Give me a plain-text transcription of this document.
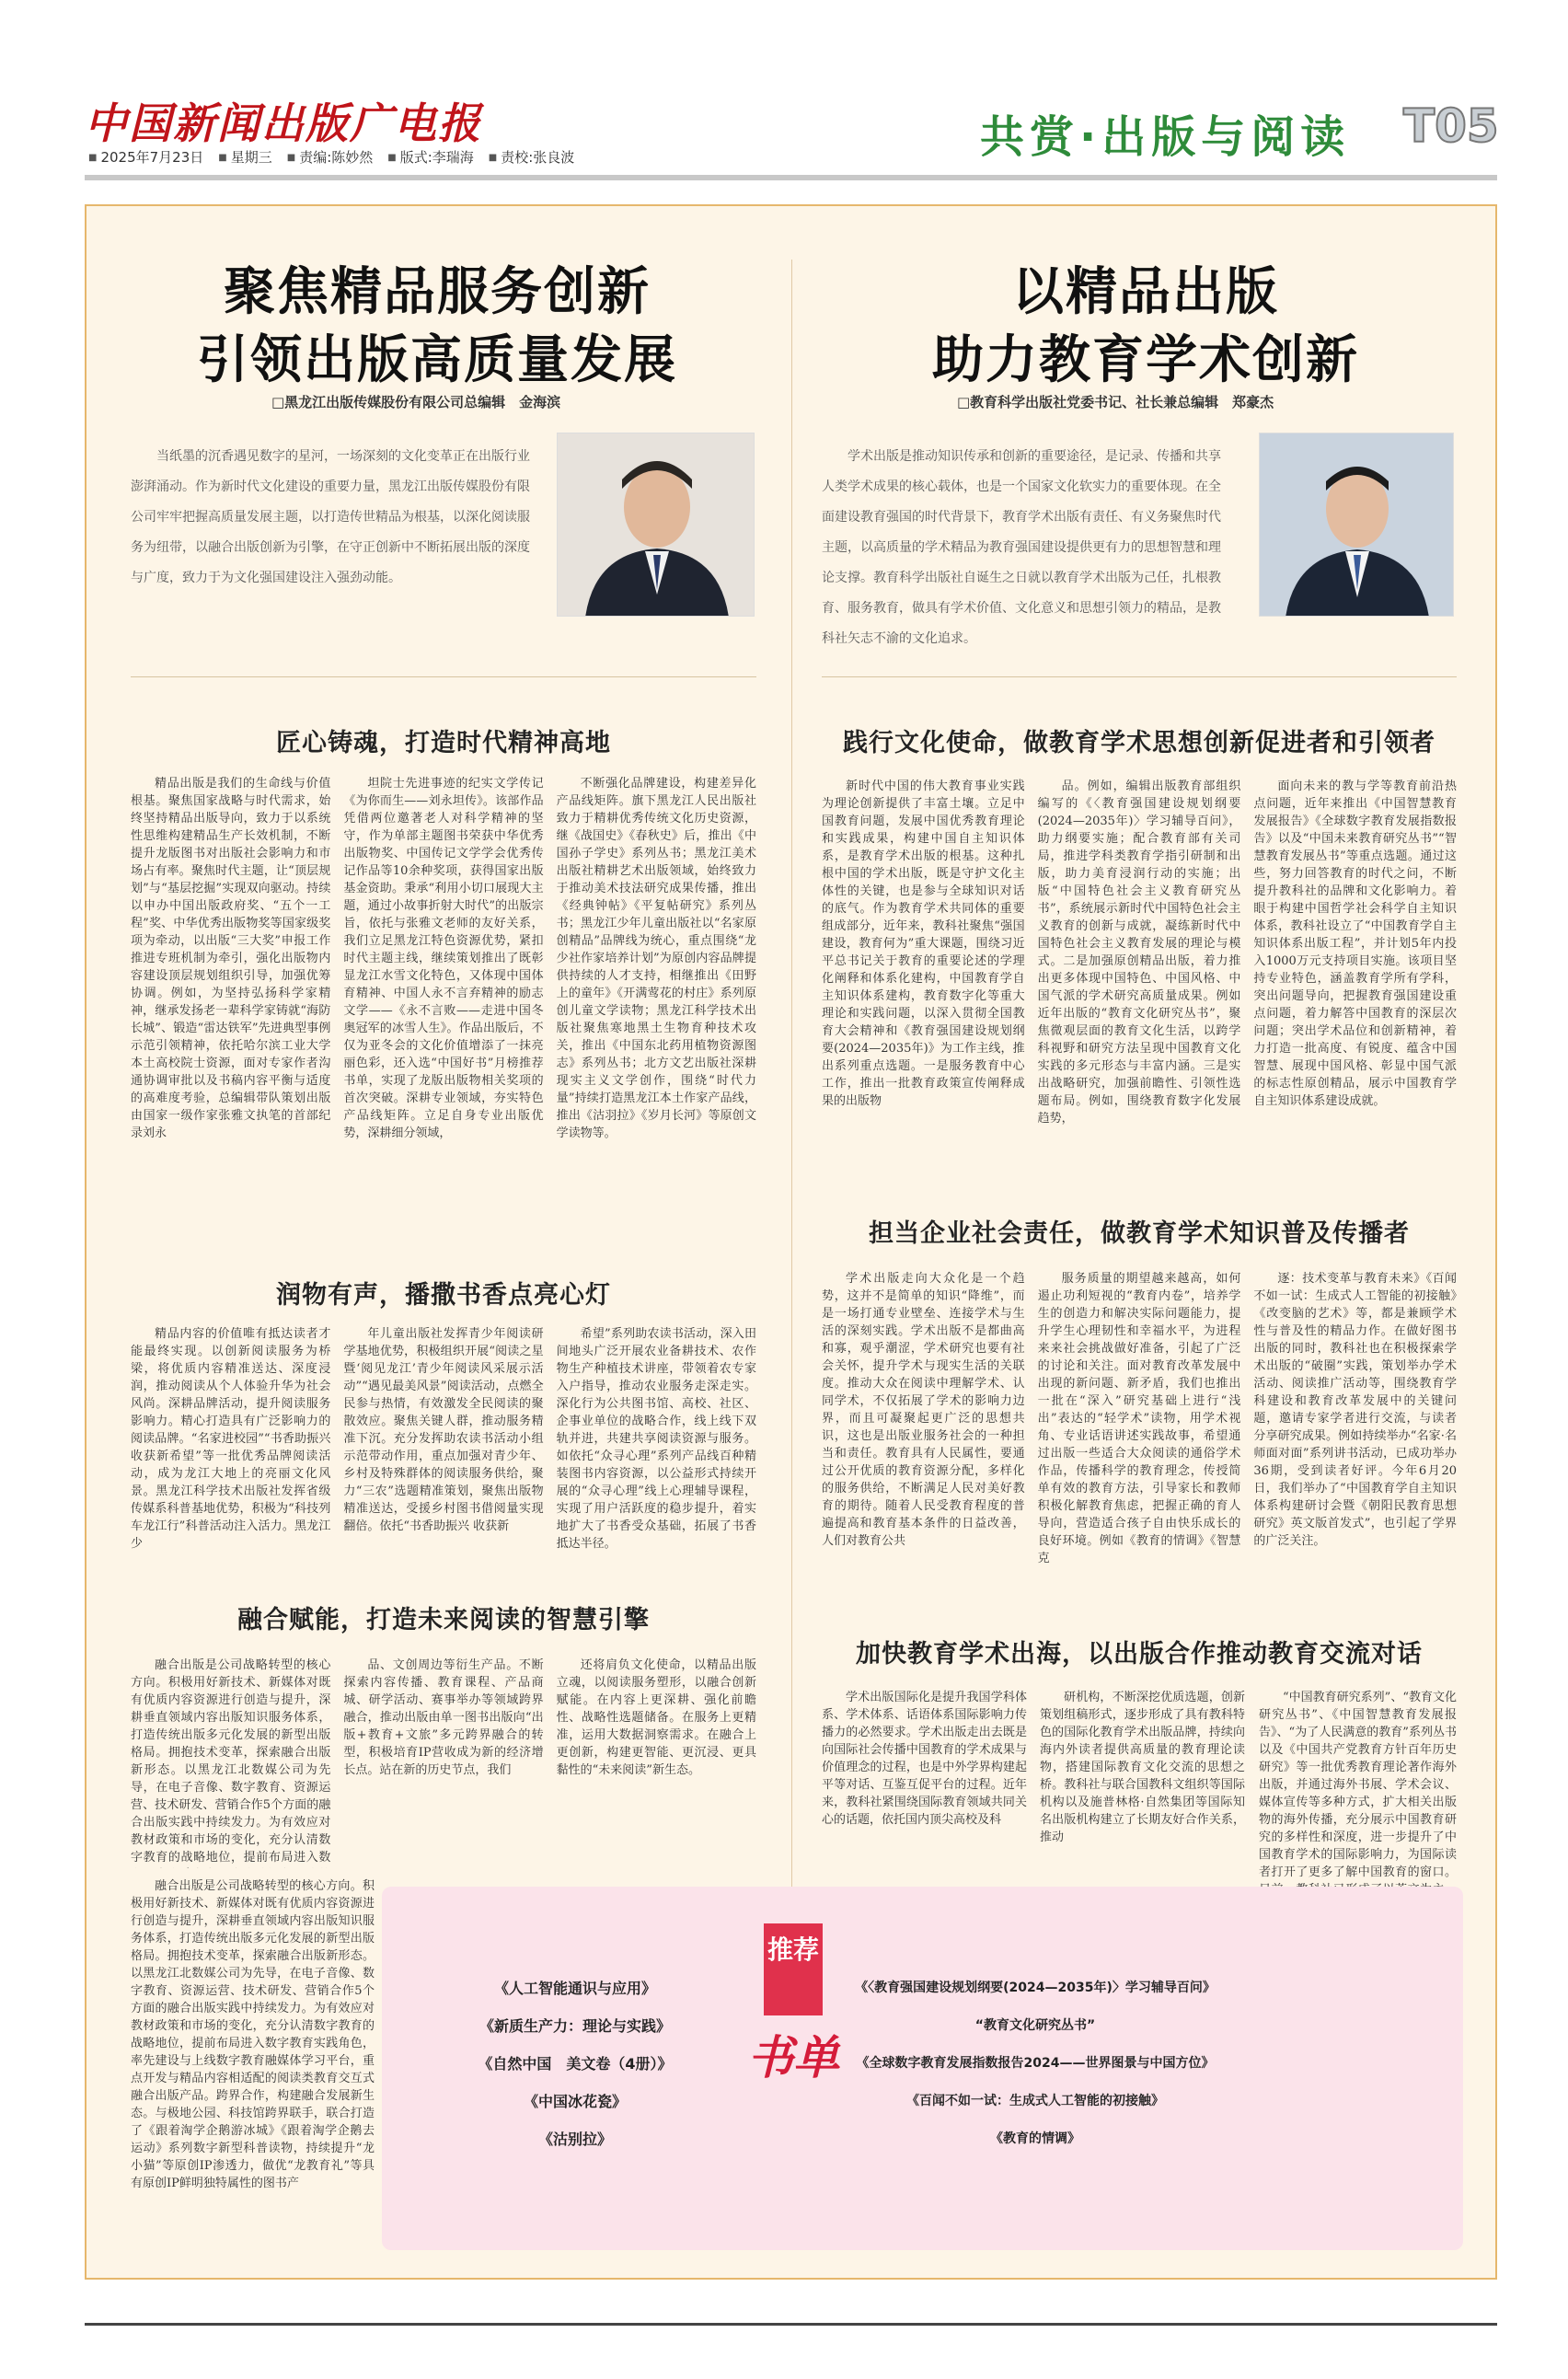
中国新闻出版广电报
■ 2025年7月23日	■ 星期三	■ 责编:陈妙然	■ 版式:李瑞海	■ 责校:张良波	共赏·出版与阅读 T05
聚焦精品服务创新
引领出版高质量发展
□黑龙江出版传媒股份有限公司总编辑　金海滨
当纸墨的沉香遇见数字的星河，一场深刻的文化变革正在出版行业澎湃涌动。作为新时代文化建设的重要力量，黑龙江出版传媒股份有限公司牢牢把握高质量发展主题，以打造传世精品为根基，以深化阅读服务为纽带，以融合出版创新为引擎，在守正创新中不断拓展出版的深度与广度，致力于为文化强国建设注入强劲动能。
匠心铸魂，打造时代精神高地
精品出版是我们的生命线与价值根基。聚焦国家战略与时代需求，始终坚持精品出版导向，致力于以系统性思维构建精品生产长效机制，不断提升龙版图书对出版社会影响力和市场占有率。聚焦时代主题，让“顶层规划”与“基层挖掘”实现双向驱动。持续以申办中国出版政府奖、“五个一工程”奖、中华优秀出版物奖等国家级奖项为牵动，以出版“三大奖”申报工作推进专班机制为牵引，强化出版物内容建设顶层规划组织引导，加强优筹协调。例如，为坚持弘扬科学家精神，继承发扬老一辈科学家铸就“海防长城”、锻造“雷达铁军”先进典型事例示范引领精神，依托哈尔滨工业大学本土高校院士资源，面对专家作者沟通协调审批以及书稿内容平衡与适度的高难度考验，总编辑带队策划出版由国家一级作家张雅文执笔的首部纪录刘永
坦院士先进事迹的纪实文学传记《为你而生——刘永坦传》。该部作品凭借两位邀著老人对科学精神的坚守，作为单部主题图书荣获中华优秀出版物奖、中国传记文学学会优秀传记作品等10余种奖项，获得国家出版基金资助。秉承“利用小切口展现大主题，通过小故事折射大时代”的出版宗旨，依托与张雅文老师的友好关系，我们立足黑龙江特色资源优势，紧扣时代主题主线，继续策划推出了既彰显龙江水雪文化特色，又体现中国体育精神、中国人永不言弃精神的励志文学——《永不言败——走进中国冬奥冠军的冰雪人生》。作品出版后，不仅为亚冬会的文化价值增添了一抹亮丽色彩，还入选“中国好书”月榜推荐书单，实现了龙版出版物相关奖项的首次突破。深耕专业领域，夯实特色产品线矩阵。立足自身专业出版优势，深耕细分领域，
不断强化品牌建设，构建差异化产品线矩阵。旗下黑龙江人民出版社致力于精耕优秀传统文化历史资源，继《战国史》《春秋史》后，推出《中国孙子学史》系列丛书；黑龙江美术出版社精耕艺术出版领域，始终致力于推动美术技法研究成果传播，推出《经典钟帖》《平复帖研究》系列丛书；黑龙江少年儿童出版社以“名家原创精品”品牌线为统心，重点围绕“龙少社作家培养计划”为原创内容品牌提供持续的人才支持，相继推出《田野上的童年》《开满莺花的村庄》系列原创儿童文学读物；黑龙江科学技术出版社聚焦寒地黑土生物育种技术攻关，推出《中国东北药用植物资源图志》系列丛书；北方文艺出版社深耕现实主义文学创作，围绕“时代力量”持续打造黑龙江本土作家产品线，推出《沽羽拉》《岁月长河》等原创文学读物等。
润物有声，播撒书香点亮心灯
精品内容的价值唯有抵达读者才能最终实现。以创新阅读服务为桥梁，将优质内容精准送达、深度浸润，推动阅读从个人体验升华为社会风尚。深耕品牌活动，提升阅读服务影响力。精心打造具有广泛影响力的阅读品牌。“名家进校园”“书香助振兴 收获新希望”等一批优秀品牌阅读活动，成为龙江大地上的亮丽文化风景。黑龙江科学技术出版社发挥省级传媒系科普基地优势，积极为“科技列车龙江行”科普活动注入活力。黑龙江少
年儿童出版社发挥青少年阅读研学基地优势，积极组织开展“阅读之星暨‘阅见龙江’青少年阅读风采展示活动”“遇见最美风景”阅读活动，点燃全民参与热情，有效激发全民阅读的聚散效应。聚焦关键人群，推动服务精准下沉。充分发挥助农读书活动小组示范带动作用，重点加强对青少年、乡村及特殊群体的阅读服务供给，聚力“三农”选题精准策划，聚焦出版物精准送达，受援乡村图书借阅量实现翻倍。依托“书香助振兴 收获新
希望”系列助农读书活动，深入田间地头广泛开展农业备耕技术、农作物生产种植技术讲座，带领着农专家入户指导，推动农业服务走深走实。深化行为公共图书馆、高校、社区、企事业单位的战略合作，线上线下双轨并进，共建共享阅读资源与服务。如依托“众寻心理”系列产品线百种精装图书内容资源，以公益形式持续开展的“众寻心理”线上心理辅导课程，实现了用户活跃度的稳步提升，着实地扩大了书香受众基础，拓展了书香抵达半径。
融合赋能，打造未来阅读的智慧引擎
融合出版是公司战略转型的核心方向。积极用好新技术、新媒体对既有优质内容资源进行创造与提升，深耕垂直领域内容出版知识服务体系，打造传统出版多元化发展的新型出版格局。拥抱技术变革，探索融合出版新形态。以黑龙江北数媒公司为先导，在电子音像、数字教育、资源运营、技术研发、营销合作5个方面的融合出版实践中持续发力。为有效应对教材政策和市场的变化，充分认清数字教育的战略地位，提前布局进入数
品、文创周边等衍生产品。不断探索内容传播、教育课程、产品商城、研学活动、赛事举办等领域跨界融合，推动出版由单一图书出版向“出版+教育+文旅”多元跨界融合的转型，积极培育IP营收成为新的经济增长点。站在新的历史节点，我们
还将肩负文化使命，以精品出版立魂，以阅读服务塑形，以融合创新赋能。在内容上更深耕、强化前瞻性、战略性选题储备。在服务上更精准，运用大数据洞察需求。在融合上更创新，构建更智能、更沉浸、更具黏性的“未来阅读”新生态。
融合出版是公司战略转型的核心方向。积极用好新技术、新媒体对既有优质内容资源进行创造与提升，深耕垂直领域内容出版知识服务体系，打造传统出版多元化发展的新型出版格局。拥抱技术变革，探索融合出版新形态。以黑龙江北数媒公司为先导，在电子音像、数字教育、资源运营、技术研发、营销合作5个方面的融合出版实践中持续发力。为有效应对教材政策和市场的变化，充分认清数字教育的战略地位，提前布局进入数字教育实践角色，率先建设与上线数字教育融媒体学习平台，重点开发与精品内容相适配的阅读类教育交互式融合出版产品。跨界合作，构建融合发展新生态。与极地公园、科技馆跨界联手，联合打造了《跟着淘学企鹅游冰城》《跟着淘学企鹅去运动》系列数字新型科普读物，持续提升“龙小猫”等原创IP渗透力，做优“龙教育礼”等具有原创IP鲜明独特属性的图书产
以精品出版
助力教育学术创新
□教育科学出版社党委书记、社长兼总编辑　郑豪杰
学术出版是推动知识传承和创新的重要途径，是记录、传播和共享人类学术成果的核心载体，也是一个国家文化软实力的重要体现。在全面建设教育强国的时代背景下，教育学术出版有责任、有义务聚焦时代主题，以高质量的学术精品为教育强国建设提供更有力的思想智慧和理论支撑。教育科学出版社自诞生之日就以教育学术出版为己任，扎根教育、服务教育，做具有学术价值、文化意义和思想引领力的精品，是教科社矢志不渝的文化追求。
践行文化使命，做教育学术思想创新促进者和引领者
新时代中国的伟大教育事业实践为理论创新提供了丰富土壤。立足中国教育问题，发展中国优秀教育理论和实践成果，构建中国自主知识体系，是教育学术出版的根基。这种扎根中国的学术出版，既是守护文化主体性的关键，也是参与全球知识对话的底气。作为教育学术共同体的重要组成部分，近年来，教科社聚焦“强国建设，教育何为”重大课题，围绕习近平总书记关于教育的重要论述的学理化阐释和体系化建构，中国教育学自主知识体系建构，教育数字化等重大理论和实践问题，以深入贯彻全国教育大会精神和《教育强国建设规划纲要(2024—2035年)》为工作主线，推出系列重点选题。一是服务教育中心工作，推出一批教育政策宣传阐释成果的出版物
品。例如，编辑出版教育部组织编写的《〈教育强国建设规划纲要(2024—2035年)〉学习辅导百问》，助力纲要实施；配合教育部有关司局，推进学科类教育学指引研制和出版，助力美育浸润行动的实施；出版“中国特色社会主义教育研究丛书”，系统展示新时代中国特色社会主义教育的创新与成就，凝练新时代中国特色社会主义教育发展的理论与模式。二是加强原创精品出版，着力推出更多体现中国特色、中国风格、中国气派的学术研究高质量成果。例如近年出版的“教育文化研究丛书”，聚焦微观层面的教育文化生活，以跨学科视野和研究方法呈现中国教育文化实践的多元形态与丰富内涵。三是实出战略研究，加强前瞻性、引领性选题布局。例如，围绕教育数字化发展趋势，
面向未来的教与学等教育前沿热点问题，近年来推出《中国智慧教育发展报告》《全球数字教育发展指数报告》以及“中国未来教育研究丛书”“智慧教育发展丛书”等重点选题。通过这些，努力回答教育的时代之问，不断提升教科社的品牌和文化影响力。着眼于构建中国哲学社会科学自主知识体系，教科社设立了“中国教育学自主知识体系出版工程”，并计划5年内投入1000万元支持项目实施。该项目坚持专业特色，涵盖教育学所有学科，突出问题导向，把握教育强国建设重点问题，着力解答中国教育的深层次问题；突出学术品位和创新精神，着力打造一批高度、有锐度、蕴含中国智慧、展现中国风格、彰显中国气派的标志性原创精品，展示中国教育学自主知识体系建设成就。
担当企业社会责任，做教育学术知识普及传播者
学术出版走向大众化是一个趋势，这并不是简单的知识“降维”，而是一场打通专业壁垒、连接学术与生活的深刻实践。学术出版不是都曲高和寡，观乎潮涩，学术研究也要有社会关怀，提升学术与现实生活的关联度。推动大众在阅读中理解学术、认同学术，不仅拓展了学术的影响力边界，而且可凝聚起更广泛的思想共识，这也是出版业服务社会的一种担当和责任。教育具有人民属性，要通过公开优质的教育资源分配，多样化的服务供给，不断满足人民对美好教育的期待。随着人民受教育程度的普遍提高和教育基本条件的日益改善，人们对教育公共
服务质量的期望越来越高，如何遏止功利短视的“教育内卷”，培养学生的创造力和解决实际问题能力，提升学生心理韧性和幸福水平，为进程来来社会挑战做好准备，引起了广泛的讨论和关注。面对教育改革发展中出现的新问题、新矛盾，我们也推出一批在“深入”研究基础上进行“浅出”表达的“轻学术”读物，用学术视角、专业话语讲述实践故事，希望通过出版一些适合大众阅读的通俗学术作品，传播科学的教育理念，传授简单有效的教育方法，引导家长和教师积极化解教育焦虑，把握正确的育人导向，营造适合孩子自由快乐成长的良好环境。例如《教育的情调》《智慧克
逐：技术变革与教育未来》《百闻不如一试：生成式人工智能的初接触》《改变脑的艺术》等，都是兼顾学术性与普及性的精品力作。在做好图书出版的同时，教科社也在积极探索学术出版的“破圈”实践，策划举办学术活动、阅读推广活动等，围绕教育学科建设和教育改革发展中的关键问题，邀请专家学者进行交流，与读者分享研究成果。例如持续举办“名家·名师面对面”系列讲书活动，已成功举办36期，受到读者好评。今年6月20日，我们举办了“中国教育学自主知识体系构建研讨会暨《朝阳民教育思想研究》英文版首发式”，也引起了学界的广泛关注。
加快教育学术出海，以出版合作推动教育交流对话
学术出版国际化是提升我国学科体系、学术体系、话语体系国际影响力传播力的必然要求。学术出版走出去既是向国际社会传播中国教育的学术成果与价值理念的过程，也是中外学界构建起平等对话、互鉴互促平台的过程。近年来，教科社紧围绕国际教育领域共同关心的话题，依托国内顶尖高校及科
研机构，不断深挖优质选题，创新策划组稿形式，逐步形成了具有教科特色的国际化教育学术出版品牌，持续向海内外读者提供高质量的教育理论读物，搭建国际教育文化交流的思想之桥。教科社与联合国教科文组织等国际机构以及施普林格·自然集团等国际知名出版机构建立了长期友好合作关系，推动
“中国教育研究系列”、“教育文化研究丛书”、《中国智慧教育发展报告》、“为了人民满意的教育”系列丛书以及《中国共产党教育方针百年历史研究》等一批优秀教育理论著作海外出版，并通过海外书展、学术会议、媒体宣传等多种方式，扩大相关出版物的海外传播，充分展示中国教育研究的多样性和深度，进一步提升了中国教育学术的国际影响力，为国际读者打开了更多了解中国教育的窗口。
推荐
书单
《人工智能通识与应用》
《新质生产力：理论与实践》
《自然中国　美文卷（4册）》
《中国冰花瓷》
《沽别拉》
《〈教育强国建设规划纲要(2024—2035年)〉学习辅导百问》
“教育文化研究丛书”
《全球数字教育发展指数报告2024——世界图景与中国方位》
《百闻不如一试：生成式人工智能的初接触》
《教育的情调》
